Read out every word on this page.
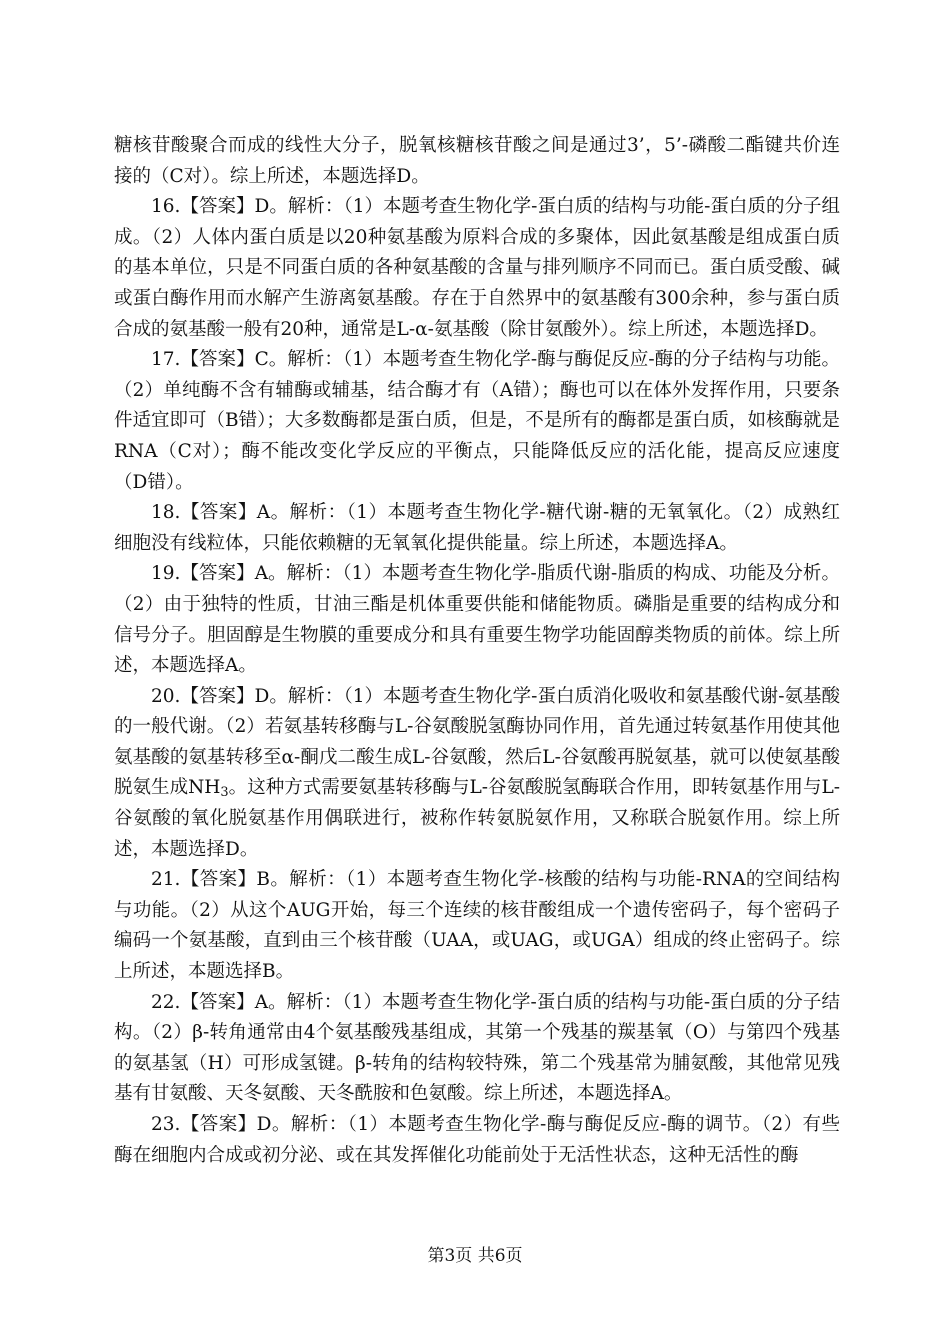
糖核苷酸聚合而成的线性大分子，脱氧核糖核苷酸之间是通过3’，5’-磷酸二酯键共价连接的（C对）。综上所述，本题选择D。

16.【答案】D。解析：（1）本题考查生物化学-蛋白质的结构与功能-蛋白质的分子组成。（2）人体内蛋白质是以20种氨基酸为原料合成的多聚体，因此氨基酸是组成蛋白质的基本单位，只是不同蛋白质的各种氨基酸的含量与排列顺序不同而已。蛋白质受酸、碱或蛋白酶作用而水解产生游离氨基酸。存在于自然界中的氨基酸有300余种，参与蛋白质合成的氨基酸一般有20种，通常是L-α-氨基酸（除甘氨酸外）。综上所述，本题选择D。

17.【答案】C。解析：（1）本题考查生物化学-酶与酶促反应-酶的分子结构与功能。（2）单纯酶不含有辅酶或辅基，结合酶才有（A错）；酶也可以在体外发挥作用，只要条件适宜即可（B错）；大多数酶都是蛋白质，但是，不是所有的酶都是蛋白质，如核酶就是RNA（C对）；酶不能改变化学反应的平衡点，只能降低反应的活化能，提高反应速度（D错）。

18.【答案】A。解析：（1）本题考查生物化学-糖代谢-糖的无氧氧化。（2）成熟红细胞没有线粒体，只能依赖糖的无氧氧化提供能量。综上所述，本题选择A。

19.【答案】A。解析：（1）本题考查生物化学-脂质代谢-脂质的构成、功能及分析。（2）由于独特的性质，甘油三酯是机体重要供能和储能物质。磷脂是重要的结构成分和信号分子。胆固醇是生物膜的重要成分和具有重要生物学功能固醇类物质的前体。综上所述，本题选择A。

20.【答案】D。解析：（1）本题考查生物化学-蛋白质消化吸收和氨基酸代谢-氨基酸的一般代谢。（2）若氨基转移酶与L-谷氨酸脱氢酶协同作用，首先通过转氨基作用使其他氨基酸的氨基转移至α-酮戊二酸生成L-谷氨酸，然后L-谷氨酸再脱氨基，就可以使氨基酸脱氨生成$NH_3$。这种方式需要氨基转移酶与L-谷氨酸脱氢酶联合作用，即转氨基作用与L-谷氨酸的氧化脱氨基作用偶联进行，被称作转氨脱氨作用，又称联合脱氨作用。综上所述，本题选择D。

21.【答案】B。解析：（1）本题考查生物化学-核酸的结构与功能-RNA的空间结构与功能。（2）从这个AUG开始，每三个连续的核苷酸组成一个遗传密码子，每个密码子编码一个氨基酸，直到由三个核苷酸（UAA，或UAG，或UGA）组成的终止密码子。综上所述，本题选择B。

22.【答案】A。解析：（1）本题考查生物化学-蛋白质的结构与功能-蛋白质的分子结构。（2）β-转角通常由4个氨基酸残基组成，其第一个残基的羰基氧（O）与第四个残基的氨基氢（H）可形成氢键。β-转角的结构较特殊，第二个残基常为脯氨酸，其他常见残基有甘氨酸、天冬氨酸、天冬酰胺和色氨酸。综上所述，本题选择A。

23.【答案】D。解析：（1）本题考查生物化学-酶与酶促反应-酶的调节。（2）有些酶在细胞内合成或初分泌、或在其发挥催化功能前处于无活性状态，这种无活性的酶

第3页 共6页
